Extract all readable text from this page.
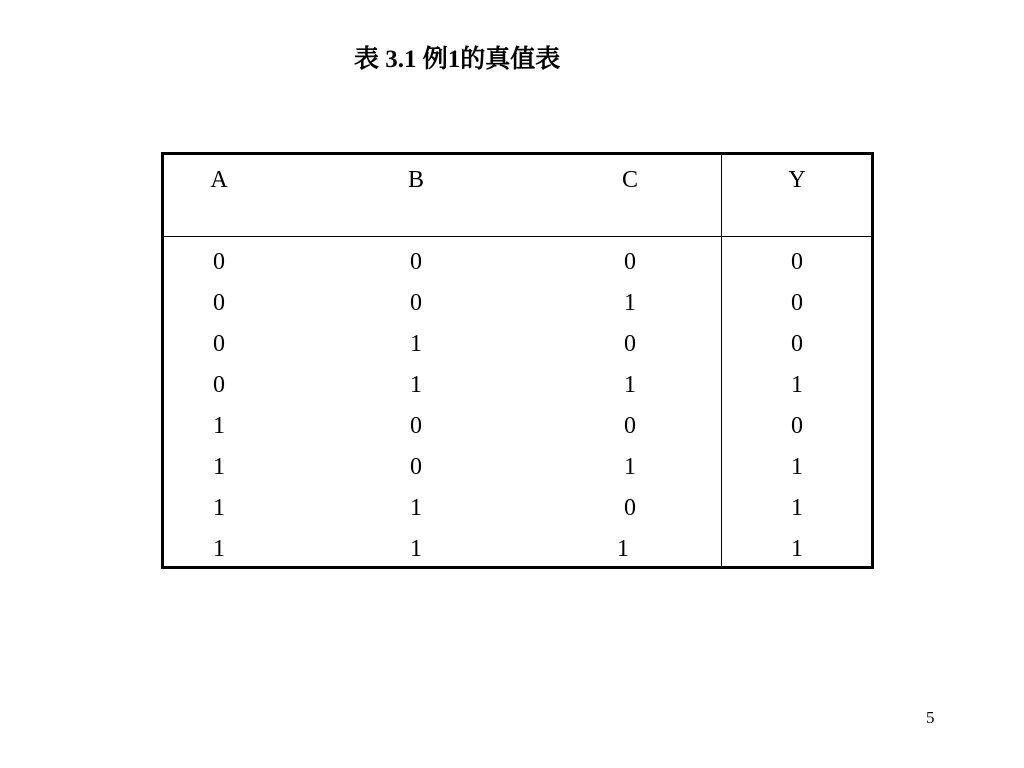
表 3.1 例1的真值表
A	B	C	Y
0	0	0	0
0	0	1	0
0	1	0	0
0	1	1	1
1	0	0	0
1	0	1	1
1	1	0	1
1	1	1	1
5
